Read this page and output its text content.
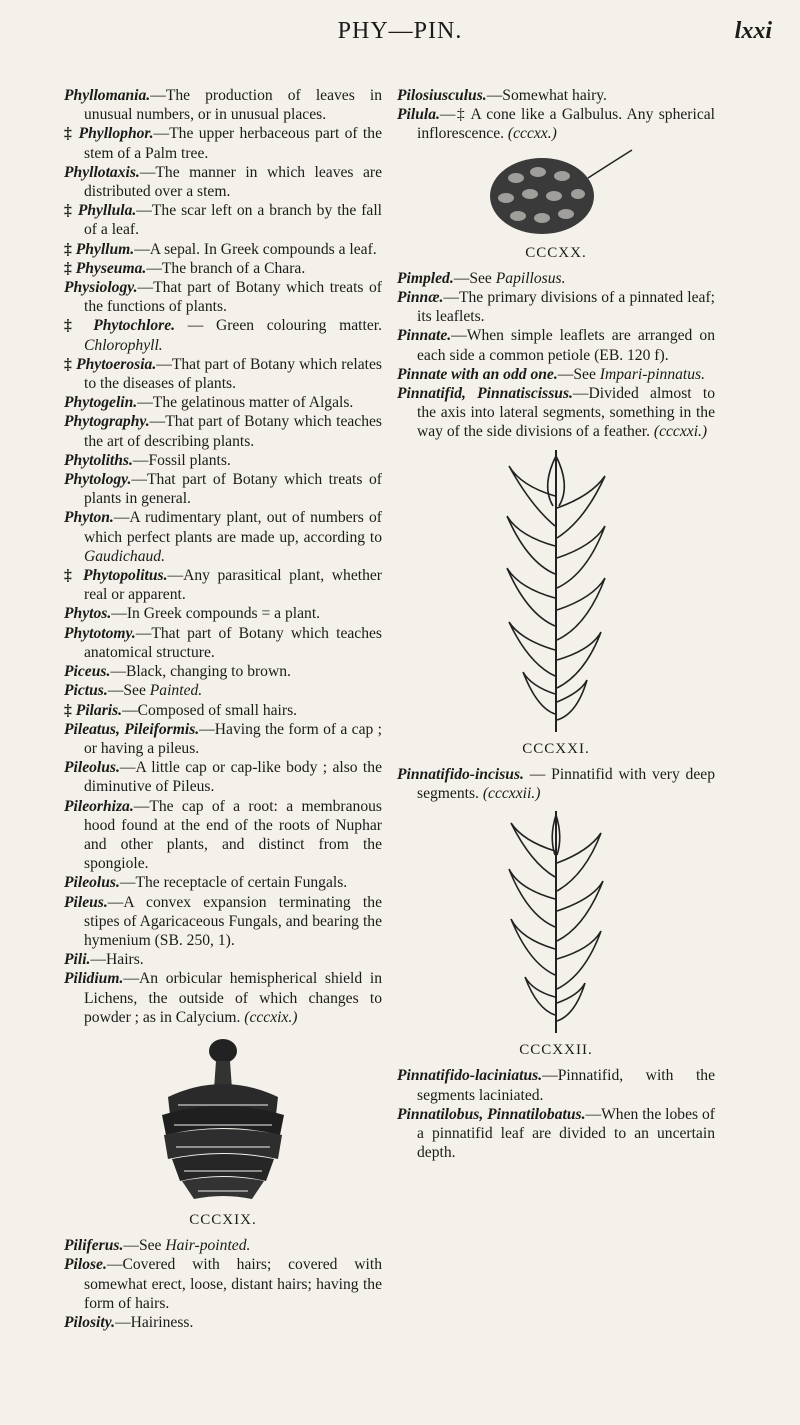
PHY—PIN.	lxxi

Phyllomania.—The production of leaves in unusual numbers, or in unusual places.

‡ Phyllophor.—The upper herbaceous part of the stem of a Palm tree.

Phyllotaxis.—The manner in which leaves are distributed over a stem.

‡ Phyllula.—The scar left on a branch by the fall of a leaf.

‡ Phyllum.—A sepal. In Greek compounds a leaf.

‡ Physeuma.—The branch of a Chara.

Physiology.—That part of Botany which treats of the functions of plants.

‡ Phytochlore. — Green colouring matter. Chlorophyll.

‡ Phytoerosia.—That part of Botany which relates to the diseases of plants.

Phytogelin.—The gelatinous matter of Algals.

Phytography.—That part of Botany which teaches the art of describing plants.

Phytoliths.—Fossil plants.

Phytology.—That part of Botany which treats of plants in general.

Phyton.—A rudimentary plant, out of numbers of which perfect plants are made up, according to Gaudichaud.

‡ Phytopolitus.—Any parasitical plant, whether real or apparent.

Phytos.—In Greek compounds = a plant.

Phytotomy.—That part of Botany which teaches anatomical structure.

Piceus.—Black, changing to brown.

Pictus.—See Painted.

‡ Pilaris.—Composed of small hairs.

Pileatus, Pileiformis.—Having the form of a cap ; or having a pileus.

Pileolus.—A little cap or cap-like body ; also the diminutive of Pileus.

Pileorhiza.—The cap of a root: a membranous hood found at the end of the roots of Nuphar and other plants, and distinct from the spongiole.

Pileolus.—The receptacle of certain Fungals.

Pileus.—A convex expansion terminating the stipes of Agaricaceous Fungals, and bearing the hymenium (SB. 250, 1).

Pili.—Hairs.

Pilidium.—An orbicular hemispherical shield in Lichens, the outside of which changes to powder ; as in Calycium. (cccxix.)

CCCXIX.

Piliferus.—See Hair-pointed.

Pilose.—Covered with hairs; covered with somewhat erect, loose, distant hairs; having the form of hairs.

Pilosity.—Hairiness.

Pilosiusculus.—Somewhat hairy.

Pilula.—‡ A cone like a Galbulus. Any spherical inflorescence. (cccxx.)

CCCXX.

Pimpled.—See Papillosus.

Pinnæ.—The primary divisions of a pinnated leaf; its leaflets.

Pinnate.—When simple leaflets are arranged on each side a common petiole (EB. 120 f).

Pinnate with an odd one.—See Impari-pinnatus.

Pinnatifid, Pinnatiscissus.—Divided almost to the axis into lateral segments, something in the way of the side divisions of a feather. (cccxxi.)

CCCXXI.

Pinnatifido-incisus. — Pinnatifid with very deep segments. (cccxxii.)

CCCXXII.

Pinnatifido-laciniatus.—Pinnatifid, with the segments laciniated.

Pinnatilobus, Pinnatilobatus.—When the lobes of a pinnatifid leaf are divided to an uncertain depth.
